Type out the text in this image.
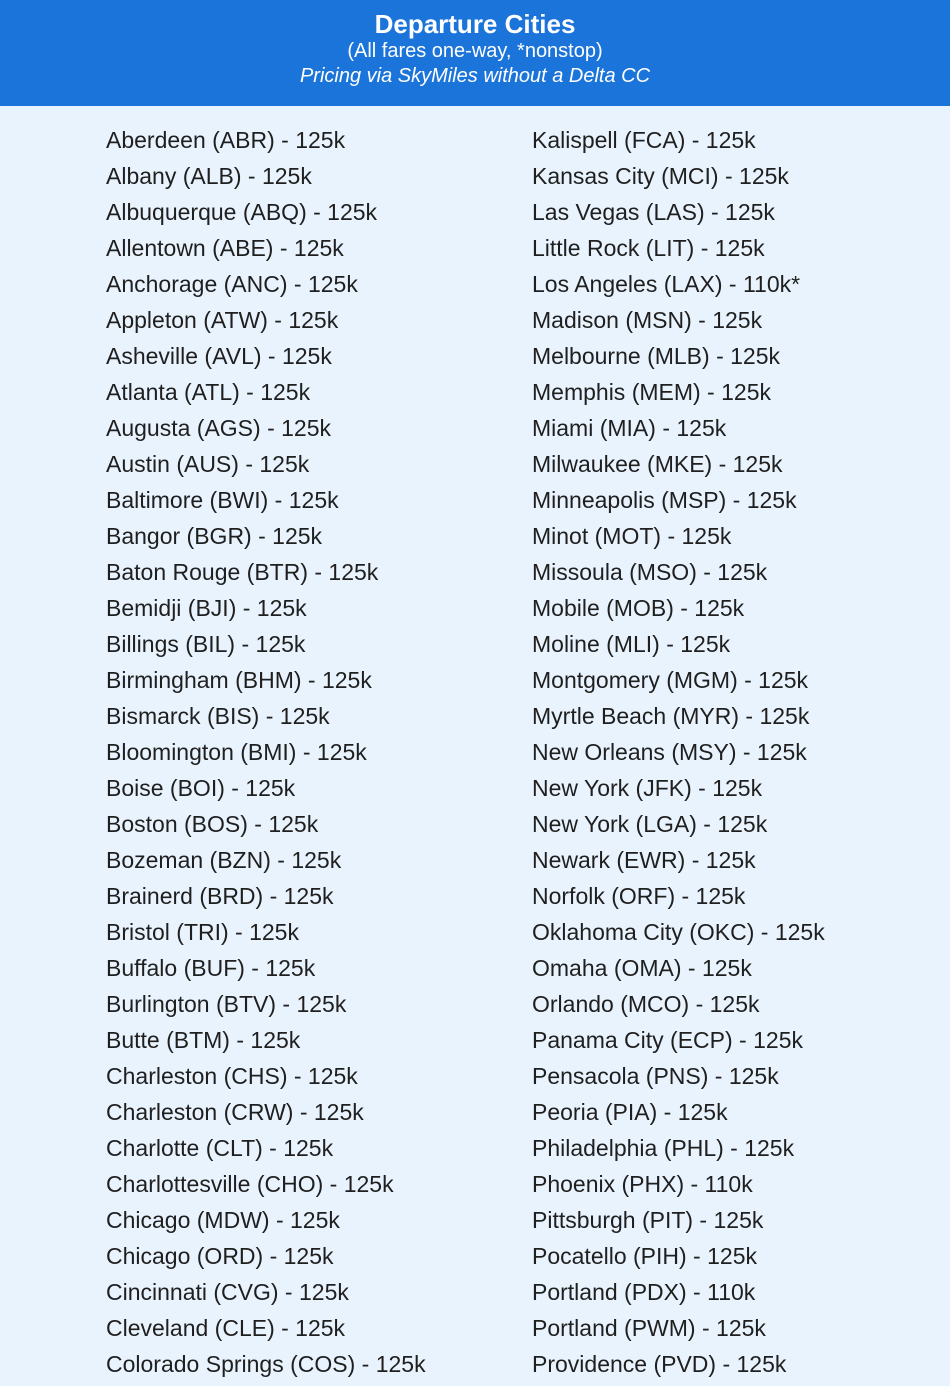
Departure Cities
(All fares one-way, *nonstop)
Pricing via SkyMiles without a Delta CC
Aberdeen (ABR) - 125k
Albany (ALB) - 125k
Albuquerque (ABQ) - 125k
Allentown (ABE) - 125k
Anchorage (ANC) - 125k
Appleton (ATW) - 125k
Asheville (AVL) - 125k
Atlanta (ATL) - 125k
Augusta (AGS) - 125k
Austin (AUS) - 125k
Baltimore (BWI) - 125k
Bangor (BGR) - 125k
Baton Rouge (BTR) - 125k
Bemidji (BJI) - 125k
Billings (BIL) - 125k
Birmingham (BHM) - 125k
Bismarck (BIS) - 125k
Bloomington (BMI) - 125k
Boise (BOI) - 125k
Boston (BOS) - 125k
Bozeman (BZN) - 125k
Brainerd (BRD) - 125k
Bristol (TRI) - 125k
Buffalo (BUF) - 125k
Burlington (BTV) - 125k
Butte (BTM) - 125k
Charleston (CHS) - 125k
Charleston (CRW) - 125k
Charlotte (CLT) - 125k
Charlottesville (CHO) - 125k
Chicago (MDW) - 125k
Chicago (ORD) - 125k
Cincinnati (CVG) - 125k
Cleveland (CLE) - 125k
Colorado Springs (COS) - 125k
Kalispell (FCA) - 125k
Kansas City (MCI) - 125k
Las Vegas (LAS) - 125k
Little Rock (LIT) - 125k
Los Angeles (LAX) - 110k*
Madison (MSN) - 125k
Melbourne (MLB) - 125k
Memphis (MEM) - 125k
Miami (MIA) - 125k
Milwaukee (MKE) - 125k
Minneapolis (MSP) - 125k
Minot (MOT) - 125k
Missoula (MSO) - 125k
Mobile (MOB) - 125k
Moline (MLI) - 125k
Montgomery (MGM) - 125k
Myrtle Beach (MYR) - 125k
New Orleans (MSY) - 125k
New York (JFK) - 125k
New York (LGA) - 125k
Newark (EWR) - 125k
Norfolk (ORF) - 125k
Oklahoma City (OKC) - 125k
Omaha (OMA) - 125k
Orlando (MCO) - 125k
Panama City (ECP) - 125k
Pensacola (PNS) - 125k
Peoria (PIA) - 125k
Philadelphia (PHL) - 125k
Phoenix (PHX) - 110k
Pittsburgh (PIT) - 125k
Pocatello (PIH) - 125k
Portland (PDX) - 110k
Portland (PWM) - 125k
Providence (PVD) - 125k
